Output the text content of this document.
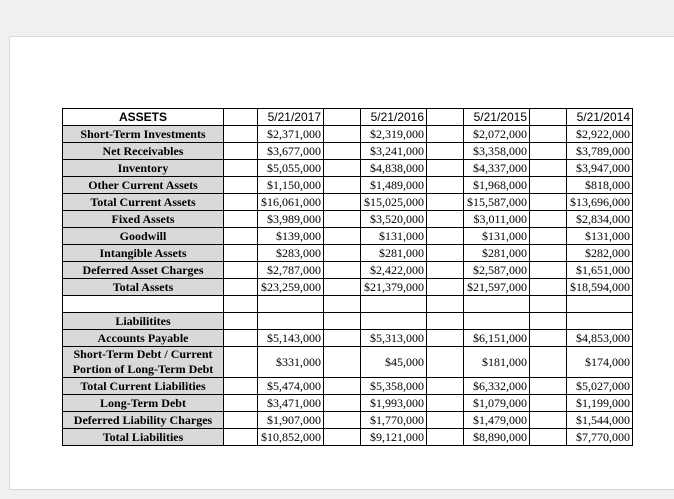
ASSETS		5/21/2017		5/21/2016		5/21/2015		5/21/2014
Short-Term Investments		$2,371,000		$2,319,000		$2,072,000		$2,922,000
Net Receivables		$3,677,000		$3,241,000		$3,358,000		$3,789,000
Inventory		$5,055,000		$4,838,000		$4,337,000		$3,947,000
Other Current Assets		$1,150,000		$1,489,000		$1,968,000		$818,000
Total Current Assets		$16,061,000		$15,025,000		$15,587,000		$13,696,000
Fixed Assets		$3,989,000		$3,520,000		$3,011,000		$2,834,000
Goodwill		$139,000		$131,000		$131,000		$131,000
Intangible Assets		$283,000		$281,000		$281,000		$282,000
Deferred Asset Charges		$2,787,000		$2,422,000		$2,587,000		$1,651,000
Total Assets		$23,259,000		$21,379,000		$21,597,000		$18,594,000

Liabilitites								
Accounts Payable		$5,143,000		$5,313,000		$6,151,000		$4,853,000
Short-Term Debt / Current Portion of Long-Term Debt		$331,000		$45,000		$181,000		$174,000
Total Current Liabilities		$5,474,000		$5,358,000		$6,332,000		$5,027,000
Long-Term Debt		$3,471,000		$1,993,000		$1,079,000		$1,199,000
Deferred Liability Charges		$1,907,000		$1,770,000		$1,479,000		$1,544,000
Total Liabilities		$10,852,000		$9,121,000		$8,890,000		$7,770,000
